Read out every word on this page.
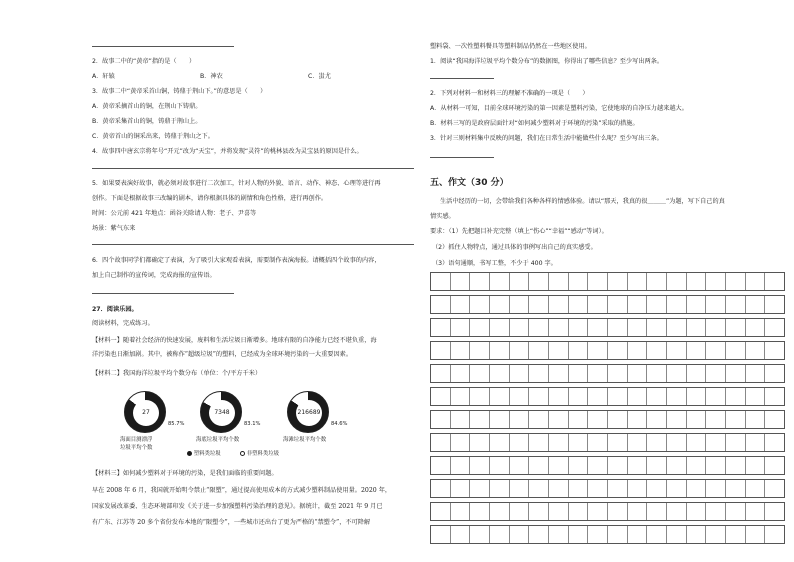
2．故事二中的“黄帝”指的是（　　）
A．轩辕	B．神农	C．蚩尤
3．故事二中“黄帝采首山铜，铸鼎于荆山下。”的意思是（　　）
A．黄帝采摘首山的铜，在荆山下铸鼎。
B．黄帝采集首山的铜，铸鼎于荆山上。
C．黄帝首山的铜采出来，铸鼎于荆山之下。
4．故事四中唐玄宗将年号“开元”改为“天宝”，并将发现“灵符”的桃林县改为灵宝县的原因是什么。
5．如果要表演好故事，就必须对故事进行二次加工，针对人物的外貌、语言、动作、神态、心理等进行再
创作。下面是根据故事三改编的剧本，请你根据具体的剧情和角色性格，进行再创作。
时间：公元前 421 年地点：函谷关除请人物：老子、尹喜等
场景：紫气东来
6．四个故事同学们都确定了表演，为了吸引大家观看表演，需要制作表演海报。请概括四个故事的内容，
加上自己制作的宣传词，完成海报的宣传语。
27．阅读乐园。
阅读材料，完成练习。
【材料一】随着社会经济的快速发展，废料和生活垃圾日渐增多。地球有限的自净能力已经不堪负重，海
洋污染也日渐加剧。其中，被称作“超级垃圾”的塑料，已经成为全球环境污染的一大重要因素。
【材料二】我国海洋垃圾平均个数分布（单位：个/平方千米）
27
85.7%
海面目测漂浮
垃圾平均个数
7348
83.1%
海底垃圾平均个数
216689
84.6%
海滩垃圾平均个数
塑料类垃圾	非塑料类垃圾
【材料三】如何减少塑料对于环境的污染，是我们面临的重要问题。
早在 2008 年 6 月，我国就开始明令禁止“限塑”，通过提高使用成本的方式减少塑料制品使用量。2020 年，
国家发展改革委、生态环境部印发《关于进一步加强塑料污染治理的意见》。据统计，截至 2021 年 9 月已
有广东、江苏等 20 多个省份发布本地的“限塑令”，一些城市还出台了更为严格的“禁塑令”，不可降解
塑料袋、一次性塑料餐具等塑料制品仍然在一些地区使用。
1．阅读“我国海洋垃圾平均个数分布”的数据图，你得出了哪些信息？至少写出两条。
2．下列对材料一和材料三的理解不准确的一项是（　　）
A．从材料一可知，目前全球环境污染的第一因素是塑料污染，它使地球的自净压力越来越大。
B．材料三写的是政府层面针对“如何减少塑料对于环境的污染”采取的措施。
3．针对三则材料集中反映的问题，我们在日常生活中能做些什么呢？至少写出三条。
五、作文（30 分）
生活中经历的一切，会带给我们各种各样的情感体验。请以“那天，我真的很＿＿＿”为题，写下自己的真
情实感。
要求：（1）先把题目补充完整（填上“伤心”“幸福”“感动”等词）。
（2）抓住人物特点，通过具体的事例写出自己的真实感受。
（3）语句通顺，书写工整，不少于 400 字。
